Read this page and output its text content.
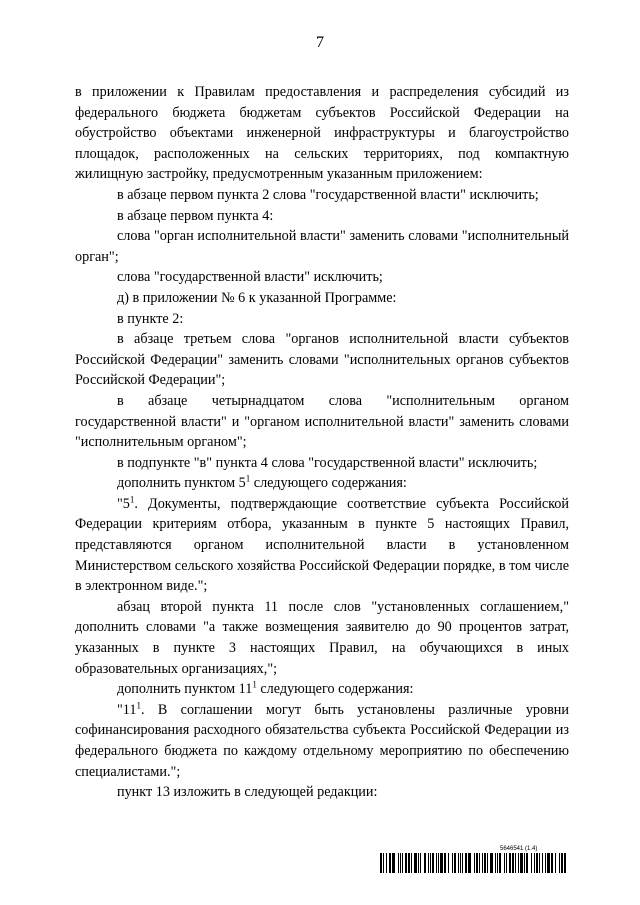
7

в приложении к Правилам предоставления и распределения субсидий из федерального бюджета бюджетам субъектов Российской Федерации на обустройство объектами инженерной инфраструктуры и благоустройство площадок, расположенных на сельских территориях, под компактную жилищную застройку, предусмотренным указанным приложением:

в абзаце первом пункта 2 слова "государственной власти" исключить;

в абзаце первом пункта 4:

слова "орган исполнительной власти" заменить словами "исполнительный орган";

слова "государственной власти" исключить;

д) в приложении № 6 к указанной Программе:

в пункте 2:

в абзаце третьем слова "органов исполнительной власти субъектов Российской Федерации" заменить словами "исполнительных органов субъектов Российской Федерации";

в абзаце четырнадцатом слова "исполнительным органом государственной власти" и "органом исполнительной власти" заменить словами "исполнительным органом";

в подпункте "в" пункта 4 слова "государственной власти" исключить;

дополнить пунктом $5^1$ следующего содержания:

"$5^1$. Документы, подтверждающие соответствие субъекта Российской Федерации критериям отбора, указанным в пункте 5 настоящих Правил, представляются органом исполнительной власти в установленном Министерством сельского хозяйства Российской Федерации порядке, в том числе в электронном виде.";

абзац второй пункта 11 после слов "установленных соглашением," дополнить словами "а также возмещения заявителю до 90 процентов затрат, указанных в пункте 3 настоящих Правил, на обучающихся в иных образовательных организациях,";

дополнить пунктом $11^1$ следующего содержания:

"$11^1$. В соглашении могут быть установлены различные уровни софинансирования расходного обязательства субъекта Российской Федерации из федерального бюджета по каждому отдельному мероприятию по обеспечению специалистами.";

пункт 13 изложить в следующей редакции:

5646541 (1.4)
